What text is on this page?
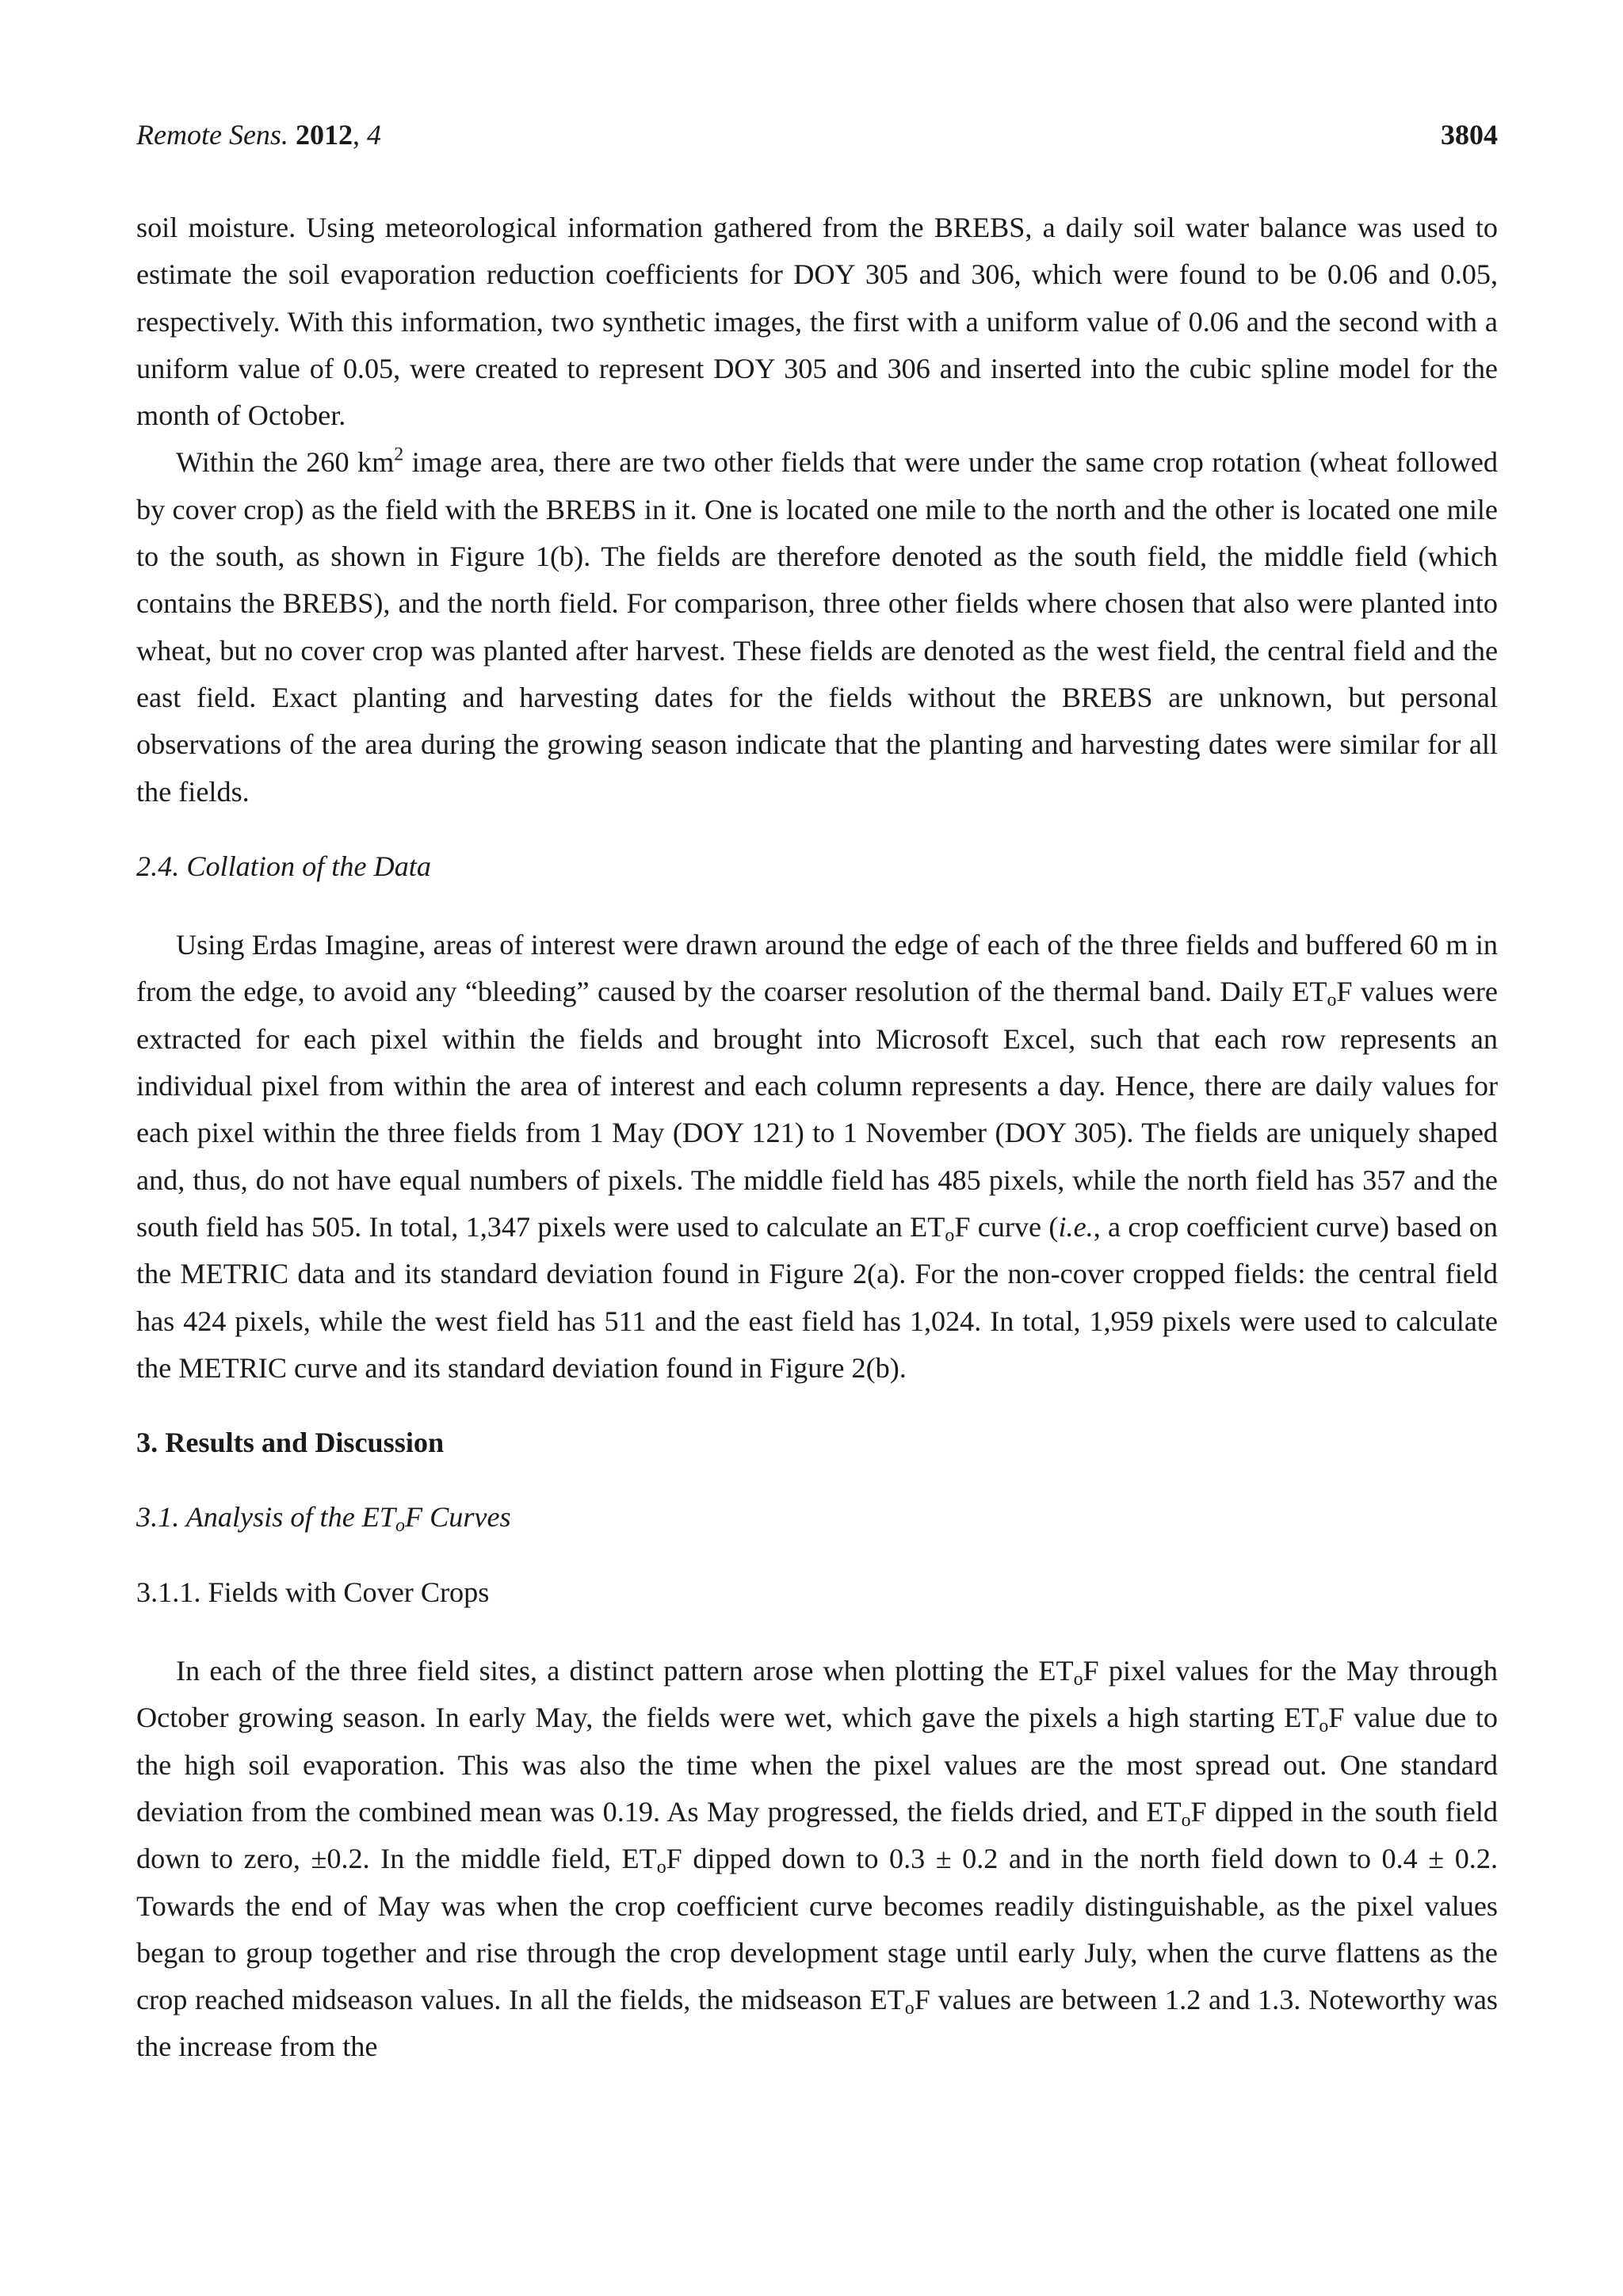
Remote Sens. 2012, 4	3804

soil moisture. Using meteorological information gathered from the BREBS, a daily soil water balance was used to estimate the soil evaporation reduction coefficients for DOY 305 and 306, which were found to be 0.06 and 0.05, respectively. With this information, two synthetic images, the first with a uniform value of 0.06 and the second with a uniform value of 0.05, were created to represent DOY 305 and 306 and inserted into the cubic spline model for the month of October.

Within the 260 $km^2$ image area, there are two other fields that were under the same crop rotation (wheat followed by cover crop) as the field with the BREBS in it. One is located one mile to the north and the other is located one mile to the south, as shown in Figure 1(b). The fields are therefore denoted as the south field, the middle field (which contains the BREBS), and the north field. For comparison, three other fields where chosen that also were planted into wheat, but no cover crop was planted after harvest. These fields are denoted as the west field, the central field and the east field. Exact planting and harvesting dates for the fields without the BREBS are unknown, but personal observations of the area during the growing season indicate that the planting and harvesting dates were similar for all the fields.

2.4. Collation of the Data

Using Erdas Imagine, areas of interest were drawn around the edge of each of the three fields and buffered 60 m in from the edge, to avoid any “bleeding” caused by the coarser resolution of the thermal band. Daily $ET_oF$ values were extracted for each pixel within the fields and brought into Microsoft Excel, such that each row represents an individual pixel from within the area of interest and each column represents a day. Hence, there are daily values for each pixel within the three fields from 1 May (DOY 121) to 1 November (DOY 305). The fields are uniquely shaped and, thus, do not have equal numbers of pixels. The middle field has 485 pixels, while the north field has 357 and the south field has 505. In total, 1,347 pixels were used to calculate an $ET_oF$ curve (i.e., a crop coefficient curve) based on the METRIC data and its standard deviation found in Figure 2(a). For the non-cover cropped fields: the central field has 424 pixels, while the west field has 511 and the east field has 1,024. In total, 1,959 pixels were used to calculate the METRIC curve and its standard deviation found in Figure 2(b).

3. Results and Discussion
3.1. Analysis of the $ET_oF$ Curves
3.1.1. Fields with Cover Crops

In each of the three field sites, a distinct pattern arose when plotting the $ET_oF$ pixel values for the May through October growing season. In early May, the fields were wet, which gave the pixels a high starting $ET_oF$ value due to the high soil evaporation. This was also the time when the pixel values are the most spread out. One standard deviation from the combined mean was 0.19. As May progressed, the fields dried, and $ET_oF$ dipped in the south field down to zero, ±0.2. In the middle field, $ET_oF$ dipped down to 0.3 ± 0.2 and in the north field down to 0.4 ± 0.2. Towards the end of May was when the crop coefficient curve becomes readily distinguishable, as the pixel values began to group together and rise through the crop development stage until early July, when the curve flattens as the crop reached midseason values. In all the fields, the midseason $ET_oF$ values are between 1.2 and 1.3. Noteworthy was the increase from the
